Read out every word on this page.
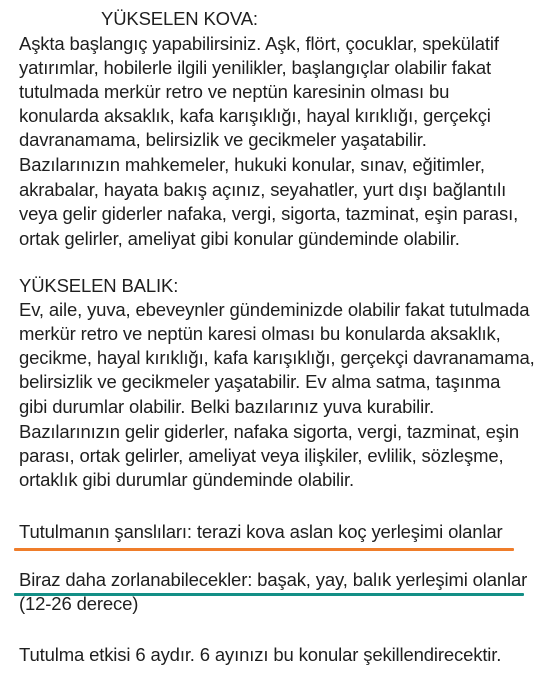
YÜKSELEN KOVA:
Aşkta başlangıç yapabilirsiniz. Aşk, flört, çocuklar, spekülatif
yatırımlar, hobilerle ilgili yenilikler, başlangıçlar olabilir fakat
tutulmada merkür retro ve neptün karesinin olması bu
konularda aksaklık, kafa karışıklığı, hayal kırıklığı, gerçekçi
davranamama, belirsizlik ve gecikmeler yaşatabilir.
Bazılarınızın mahkemeler, hukuki konular, sınav, eğitimler,
akrabalar, hayata bakış açınız, seyahatler, yurt dışı bağlantılı
veya gelir giderler nafaka, vergi, sigorta, tazminat, eşin parası,
ortak gelirler, ameliyat gibi konular gündeminde olabilir.
YÜKSELEN BALIK:
Ev, aile, yuva, ebeveynler gündeminizde olabilir fakat tutulmada
merkür retro ve neptün karesi olması bu konularda aksaklık,
gecikme, hayal kırıklığı, kafa karışıklığı, gerçekçi davranamama,
belirsizlik ve gecikmeler yaşatabilir. Ev alma satma, taşınma
gibi durumlar olabilir. Belki bazılarınız yuva kurabilir.
Bazılarınızın gelir giderler, nafaka sigorta, vergi, tazminat, eşin
parası, ortak gelirler, ameliyat veya ilişkiler, evlilik, sözleşme,
ortaklık gibi durumlar gündeminde olabilir.
Tutulmanın şanslıları: terazi kova aslan koç yerleşimi olanlar
Biraz daha zorlanabilecekler: başak, yay, balık yerleşimi olanlar
(12-26 derece)
Tutulma etkisi 6 aydır. 6 ayınızı bu konular şekillendirecektir.
